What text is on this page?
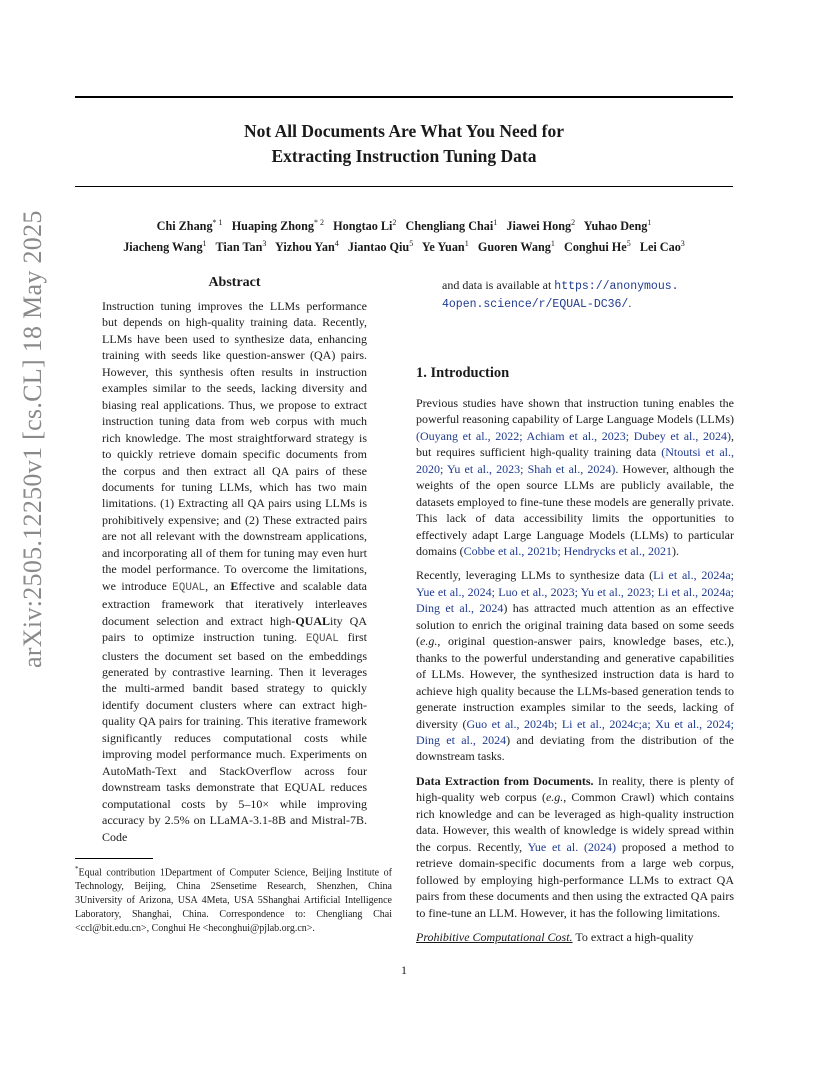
Not All Documents Are What You Need for
Extracting Instruction Tuning Data
Chi Zhang$^{* 1}$ Huaping Zhong$^{* 2}$ Hongtao Li$^2$ Chengliang Chai$^1$ Jiawei Hong$^2$ Yuhao Deng$^1$
Jiacheng Wang$^1$ Tian Tan$^3$ Yizhou Yan$^4$ Jiantao Qiu$^5$ Ye Yuan$^1$ Guoren Wang$^1$ Conghui He$^5$ Lei Cao$^3$
arXiv:2505.12250v1 [cs.CL] 18 May 2025	Abstract

Instruction tuning improves the LLMs performance but depends on high-quality training data. Recently, LLMs have been used to synthesize data, enhancing training with seeds like question-answer (QA) pairs. However, this synthesis often results in instruction examples similar to the seeds, lacking diversity and biasing real applications. Thus, we propose to extract instruction tuning data from web corpus with much rich knowledge. The most straightforward strategy is to quickly retrieve domain specific documents from the corpus and then extract all QA pairs of these documents for tuning LLMs, which has two main limitations. (1) Extracting all QA pairs using LLMs is prohibitively expensive; and (2) These extracted pairs are not all relevant with the downstream applications, and incorporating all of them for tuning may even hurt the model performance. To overcome the limitations, we introduce EQUAL, an Effective and scalable data extraction framework that iteratively interleaves document selection and extract high-QUALity QA pairs to optimize instruction tuning. EQUAL first clusters the document set based on the embeddings generated by contrastive learning. Then it leverages the multi-armed bandit based strategy to quickly identify document clusters where can extract high-quality QA pairs for training. This iterative framework significantly reduces computational costs while improving model performance much. Experiments on AutoMath-Text and StackOverflow across four downstream tasks demonstrate that EQUAL reduces computational costs by 5–10× while improving accuracy by 2.5% on LLaMA-3.1-8B and Mistral-7B. Code

and data is available at https://anonymous.
4open.science/r/EQUAL-DC36/.

1. Introduction

Previous studies have shown that instruction tuning enables the powerful reasoning capability of Large Language Models (LLMs) (Ouyang et al., 2022; Achiam et al., 2023; Dubey et al., 2024), but requires sufficient high-quality training data (Ntoutsi et al., 2020; Yu et al., 2023; Shah et al., 2024). However, although the weights of the open source LLMs are publicly available, the datasets employed to fine-tune these models are generally private. This lack of data accessibility limits the opportunities to effectively adapt Large Language Models (LLMs) to particular domains (Cobbe et al., 2021b; Hendrycks et al., 2021).

Recently, leveraging LLMs to synthesize data (Li et al., 2024a; Yue et al., 2024; Luo et al., 2023; Yu et al., 2023; Li et al., 2024a; Ding et al., 2024) has attracted much attention as an effective solution to enrich the original training data based on some seeds (e.g., original question-answer pairs, knowledge bases, etc.), thanks to the powerful understanding and generative capabilities of LLMs. However, the synthesized instruction data is hard to achieve high quality because the LLMs-based generation tends to generate instruction examples similar to the seeds, lacking of diversity (Guo et al., 2024b; Li et al., 2024c;a; Xu et al., 2024; Ding et al., 2024) and deviating from the distribution of the downstream tasks.

Data Extraction from Documents. In reality, there is plenty of high-quality web corpus (e.g., Common Crawl) which contains rich knowledge and can be leveraged as high-quality instruction data. However, this wealth of knowledge is widely spread within the corpus. Recently, Yue et al. (2024) proposed a method to retrieve domain-specific documents from a large web corpus, followed by employing high-performance LLMs to extract QA pairs from these documents and then using the extracted QA pairs to fine-tune an LLM. However, it has the following limitations.

Prohibitive Computational Cost. To extract a high-quality

*Equal contribution 1Department of Computer Science, Beijing Institute of Technology, Beijing, China 2Sensetime Research, Shenzhen, China 3University of Arizona, USA 4Meta, USA 5Shanghai Artificial Intelligence Laboratory, Shanghai, China. Correspondence to: Chengliang Chai <ccl@bit.edu.cn>, Conghui He <heconghui@pjlab.org.cn>.
1
